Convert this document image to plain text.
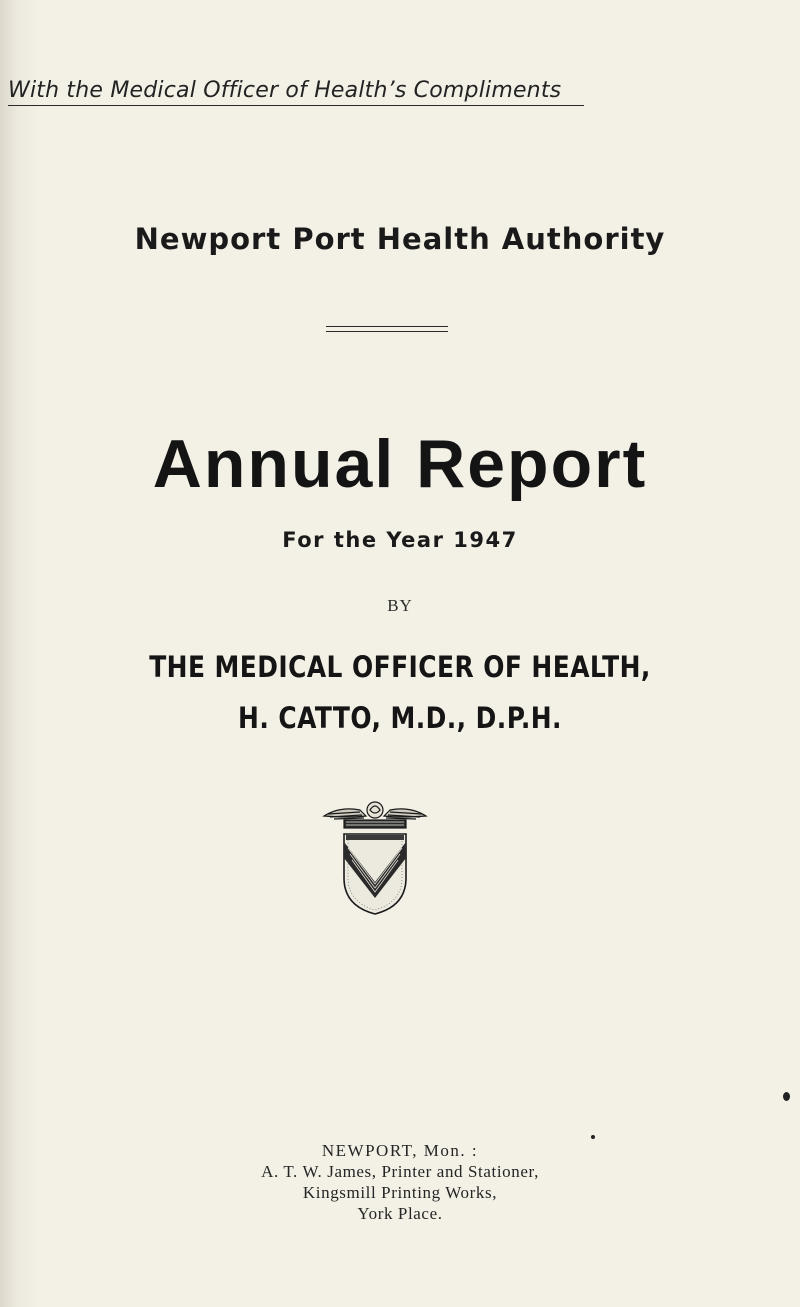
With the Medical Officer of Health’s Compliments
Newport Port Health Authority
Annual Report
For the Year 1947
BY
THE MEDICAL OFFICER OF HEALTH,
H. CATTO, M.D., D.P.H.
NEWPORT, Mon. :
A. T. W. James, Printer and Stationer,
Kingsmill Printing Works,
York Place.
